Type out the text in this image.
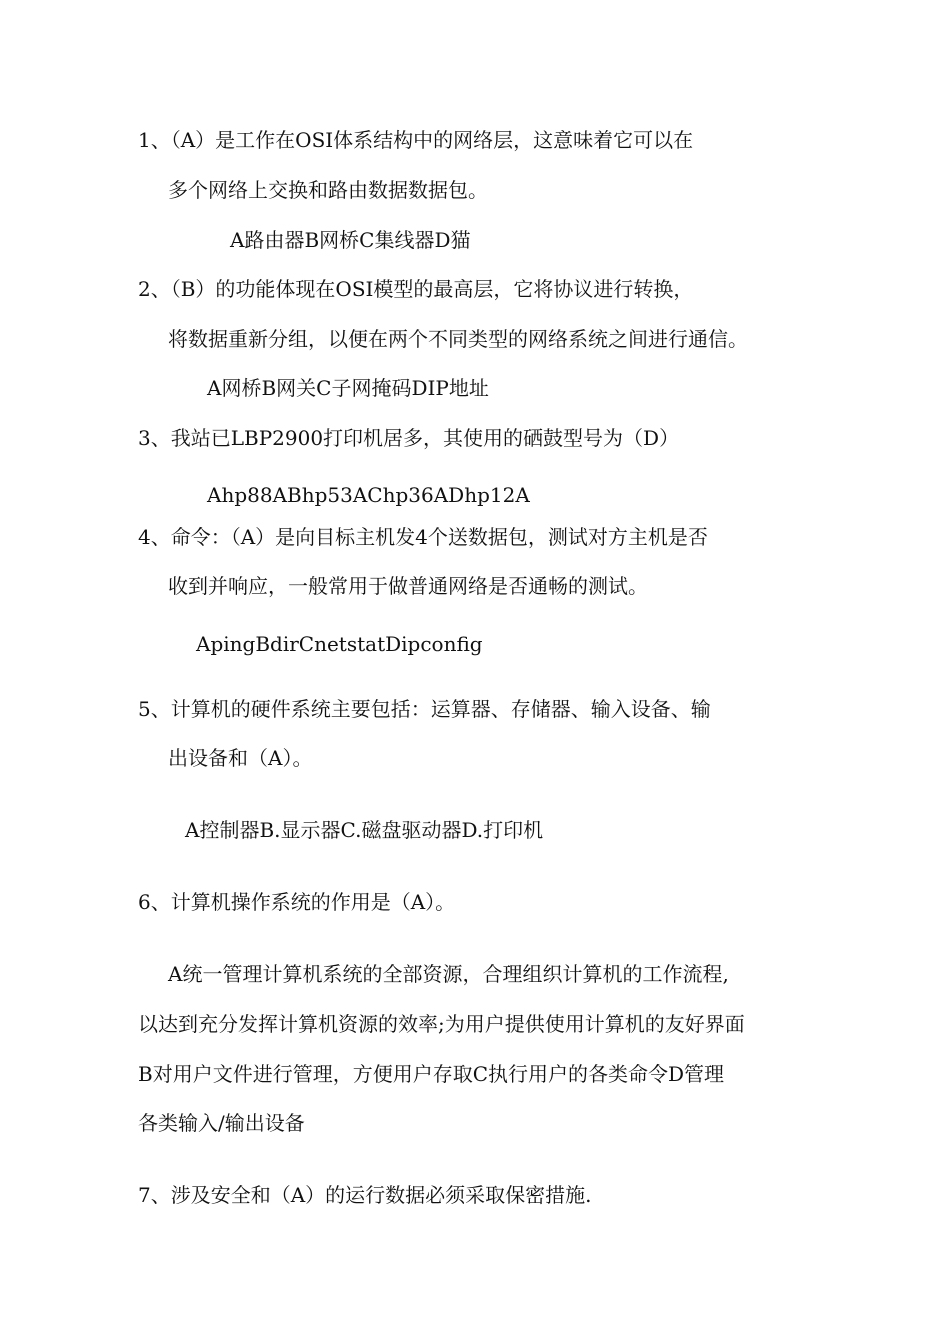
1、（A）是工作在OSI体系结构中的网络层，这意味着它可以在
多个网络上交换和路由数据数据包。
A路由器B网桥C集线器D猫
2、（B）的功能体现在OSI模型的最高层，它将协议进行转换，
将数据重新分组，以便在两个不同类型的网络系统之间进行通信。
A网桥B网关C子网掩码DIP地址
3、我站已LBP2900打印机居多，其使用的硒鼓型号为（D）
Ahp88ABhp53AChp36ADhp12A
4、命令：（A）是向目标主机发4个送数据包，测试对方主机是否
收到并响应，一般常用于做普通网络是否通畅的测试。
ApingBdirCnetstatDipconfig
5、计算机的硬件系统主要包括：运算器、存储器、输入设备、输
出设备和（A）。
A控制器B.显示器C.磁盘驱动器D.打印机
6、计算机操作系统的作用是（A）。
A统一管理计算机系统的全部资源，合理组织计算机的工作流程,
以达到充分发挥计算机资源的效率;为用户提供使用计算机的友好界面
B对用户文件进行管理，方便用户存取C执行用户的各类命令D管理
各类输入/输出设备
7、涉及安全和（A）的运行数据必须采取保密措施.
